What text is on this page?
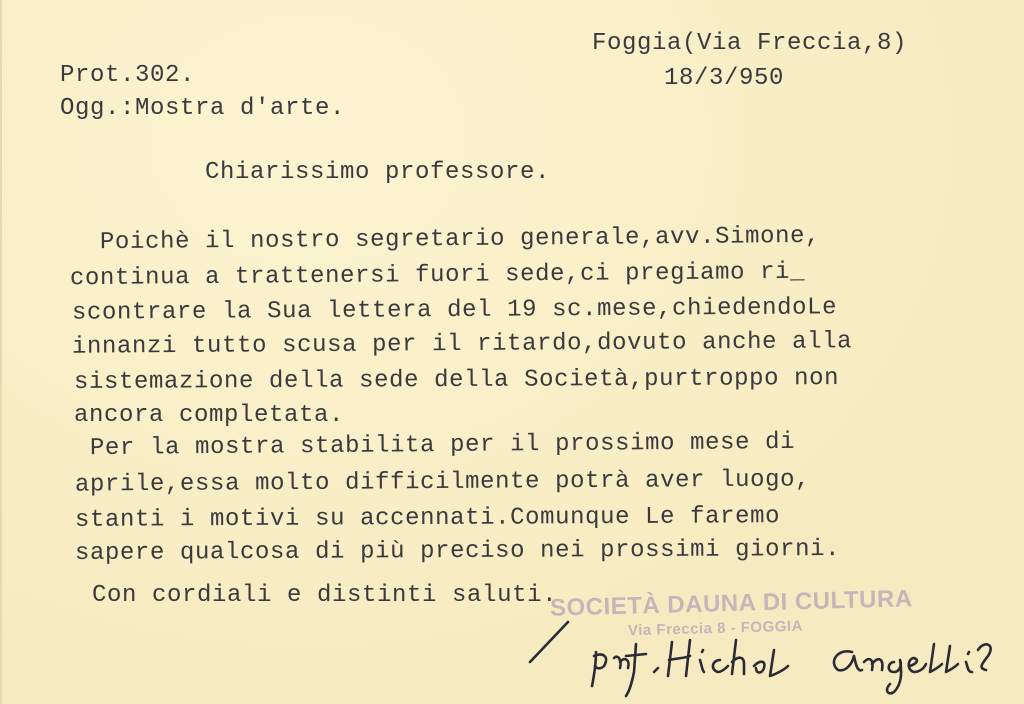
Foggia(Via Freccia,8)
18/3/950
Prot.302.
Ogg.:Mostra d'arte.
Chiarissimo professore.
Poichè il nostro segretario generale,avv.Simone,
continua a trattenersi fuori sede,ci pregiamo ri_
scontrare la Sua lettera del 19 sc.mese,chiedendoLe
innanzi tutto scusa per il ritardo,dovuto anche alla
sistemazione della sede della Società,purtroppo non
ancora completata.
Per la mostra stabilita per il prossimo mese di
aprile,essa molto difficilmente potrà aver luogo,
stanti i motivi su accennati.Comunque Le faremo
sapere qualcosa di più preciso nei prossimi giorni.
Con cordiali e distinti saluti.
SOCIETÀ DAUNA DI CULTURA
Via Freccia 8 - FOGGIA
